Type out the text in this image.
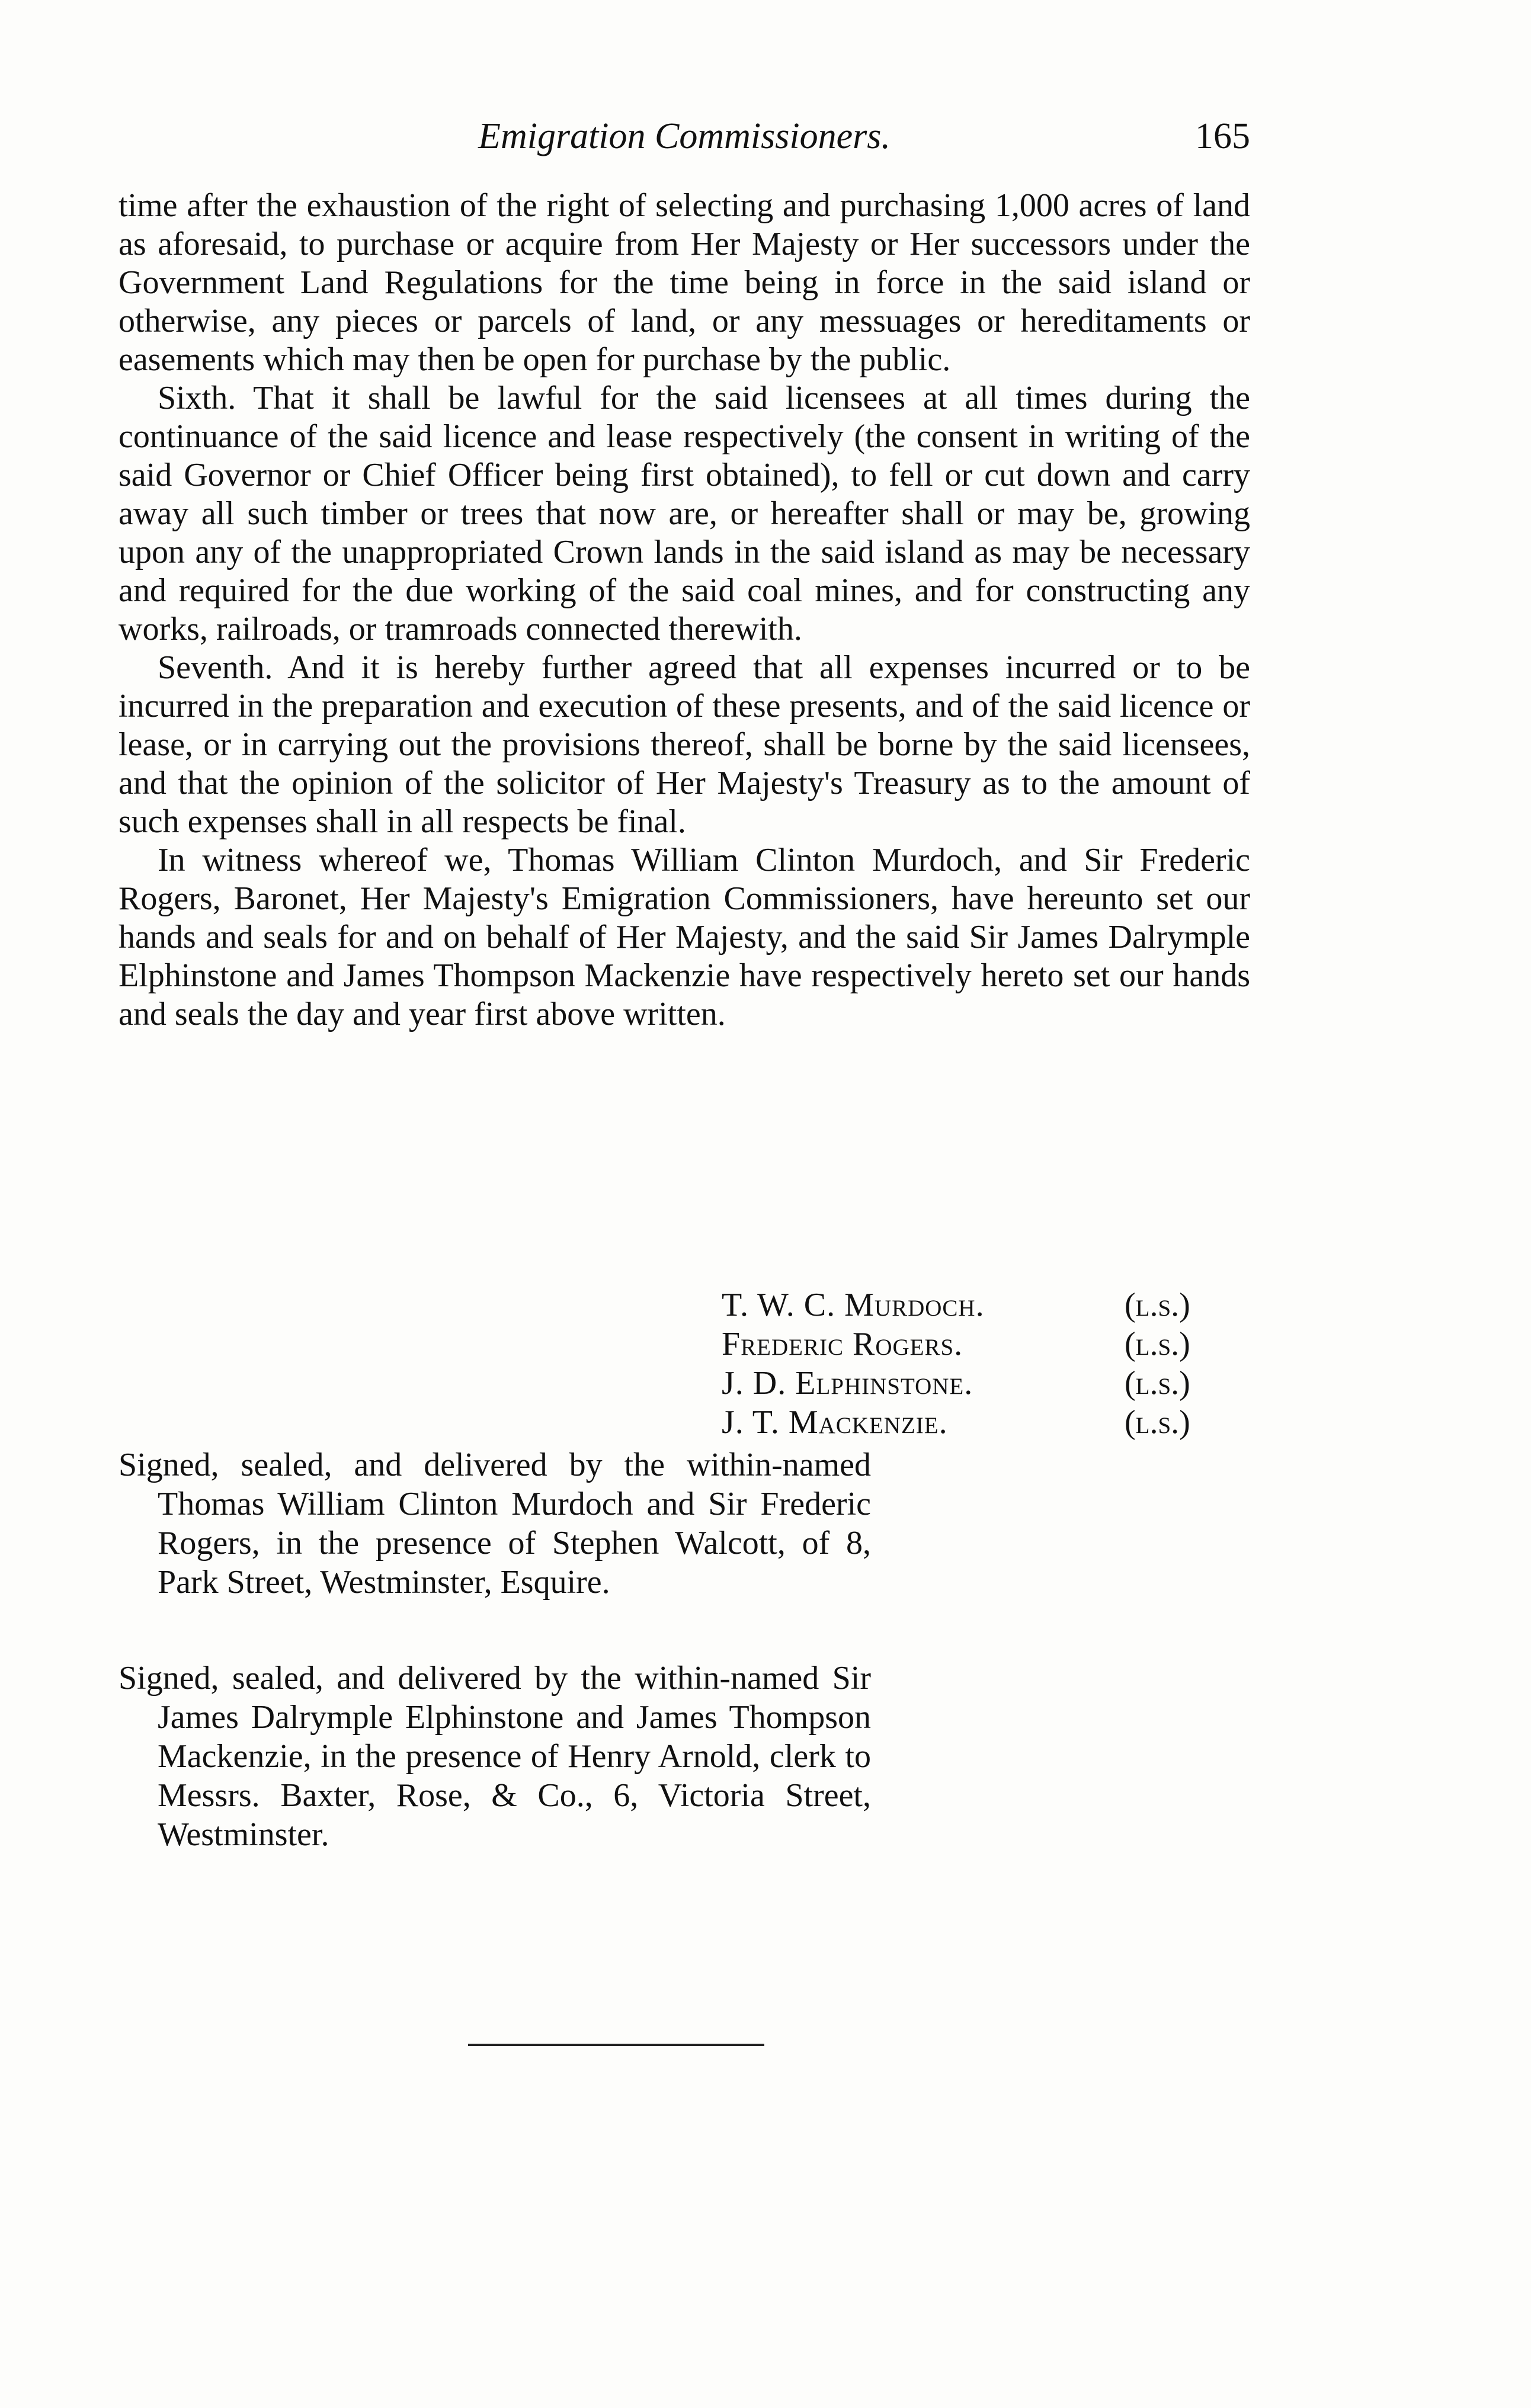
Emigration Commissioners.	165

time after the exhaustion of the right of selecting and purchasing 1,000 acres of land as aforesaid, to purchase or acquire from Her Majesty or Her successors under the Government Land Regulations for the time being in force in the said island or otherwise, any pieces or parcels of land, or any messuages or hereditaments or easements which may then be open for purchase by the public.

Sixth. That it shall be lawful for the said licensees at all times during the continuance of the said licence and lease respectively (the consent in writing of the said Governor or Chief Officer being first obtained), to fell or cut down and carry away all such timber or trees that now are, or hereafter shall or may be, growing upon any of the unappropriated Crown lands in the said island as may be necessary and required for the due working of the said coal mines, and for constructing any works, railroads, or tramroads connected therewith.

Seventh. And it is hereby further agreed that all expenses incurred or to be incurred in the preparation and execution of these presents, and of the said licence or lease, or in carrying out the provisions thereof, shall be borne by the said licensees, and that the opinion of the solicitor of Her Majesty's Treasury as to the amount of such expenses shall in all respects be final.

In witness whereof we, Thomas William Clinton Murdoch, and Sir Frederic Rogers, Baronet, Her Majesty's Emigration Commissioners, have hereunto set our hands and seals for and on behalf of Her Majesty, and the said Sir James Dalrymple Elphinstone and James Thompson Mackenzie have respectively hereto set our hands and seals the day and year first above written.

T. W. C. Murdoch.	(l.s.)
Frederic Rogers.	(l.s.)
J. D. Elphinstone.	(l.s.)
J. T. Mackenzie.	(l.s.)

Signed, sealed, and delivered by the within-named Thomas William Clinton Murdoch and Sir Frederic Rogers, in the presence of Stephen Walcott, of 8, Park Street, Westminster, Esquire.

Signed, sealed, and delivered by the within-named Sir James Dalrymple Elphinstone and James Thompson Mackenzie, in the presence of Henry Arnold, clerk to Messrs. Baxter, Rose, & Co., 6, Victoria Street, Westminster.
